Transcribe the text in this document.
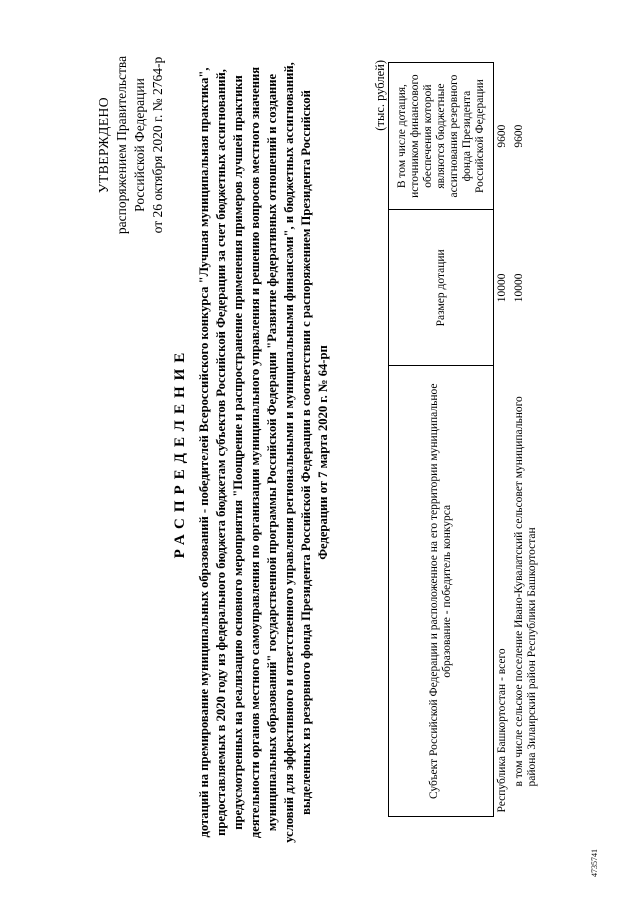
УТВЕРЖДЕНО распоряжением Правительства Российской Федерации от 26 октября 2020 г. № 2764-р
РАСПРЕДЕЛЕНИЕ дотаций на премирование муниципальных образований - победителей Всероссийского конкурса "Лучшая муниципальная практика", предоставляемых в 2020 году из федерального бюджета бюджетам субъектов Российской Федерации за счет бюджетных ассигнований, предусмотренных на реализацию основного мероприятия "Поощрение и распространение применения примеров лучшей практики деятельности органов местного самоуправления по организации муниципального управления и решению вопросов местного значения муниципальных образований" государственной программы Российской Федерации "Развитие федеративных отношений и создание условий для эффективного и ответственного управления региональными и муниципальными финансами", и бюджетных ассигнований, выделенных из резервного фонда Президента Российской Федерации в соответствии с распоряжением Президента Российской Федерации от 7 марта 2020 г. № 64-рп
(тыс. рублей)
Субъект Российской Федерации и расположенное на его территории муниципальное образование - победитель конкурса	Размер дотации	В том числе дотация, источником финансового обеспечения которой являются бюджетные ассигнования резервного фонда Президента Российской Федерации
Республика Башкортостан - всего	10000	9600
в том числе сельское поселение Ивано-Кувалатский сельсовет муниципального района Зилаирский район Республики Башкортостан	10000	9600
4735741
